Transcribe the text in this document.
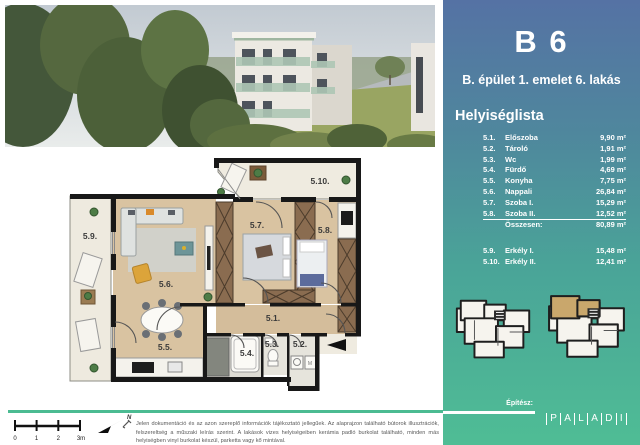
M
5.1.
5.2.
5.3.
5.4.
5.5.
5.6.
5.7.	5.8.
5.9.
5.10.
0	1	2	3m
N
Jelen dokumentáció és az azon szereplő információk tájékoztató jellegűek. Az alaprajzon található bútorok illusztrációk, felszereltség a műszaki leírás szerint. A lakások vizes helyiségeiben kerámia padló burkolat található, minden más helyiségben vinyl burkolat készül, parketta vagy kő mintával.
B 6
B. épület 1. emelet 6. lakás
Helyiséglista
5.1.	Előszoba	9,90 m²
5.2.	Tároló	1,91 m²
5.3.	Wc	1,99 m²
5.4.	Fürdő	4,69 m²
5.5.	Konyha	7,75 m²
5.6.	Nappali	26,84 m²
5.7.	Szoba I.	15,29 m²
5.8.	Szoba II.	12,52 m²
Összesen:	80,89 m²
5.9.	Erkély I.	15,48 m²
5.10. Erkély II.	12,41 m²
Építész:
P A L A D I
